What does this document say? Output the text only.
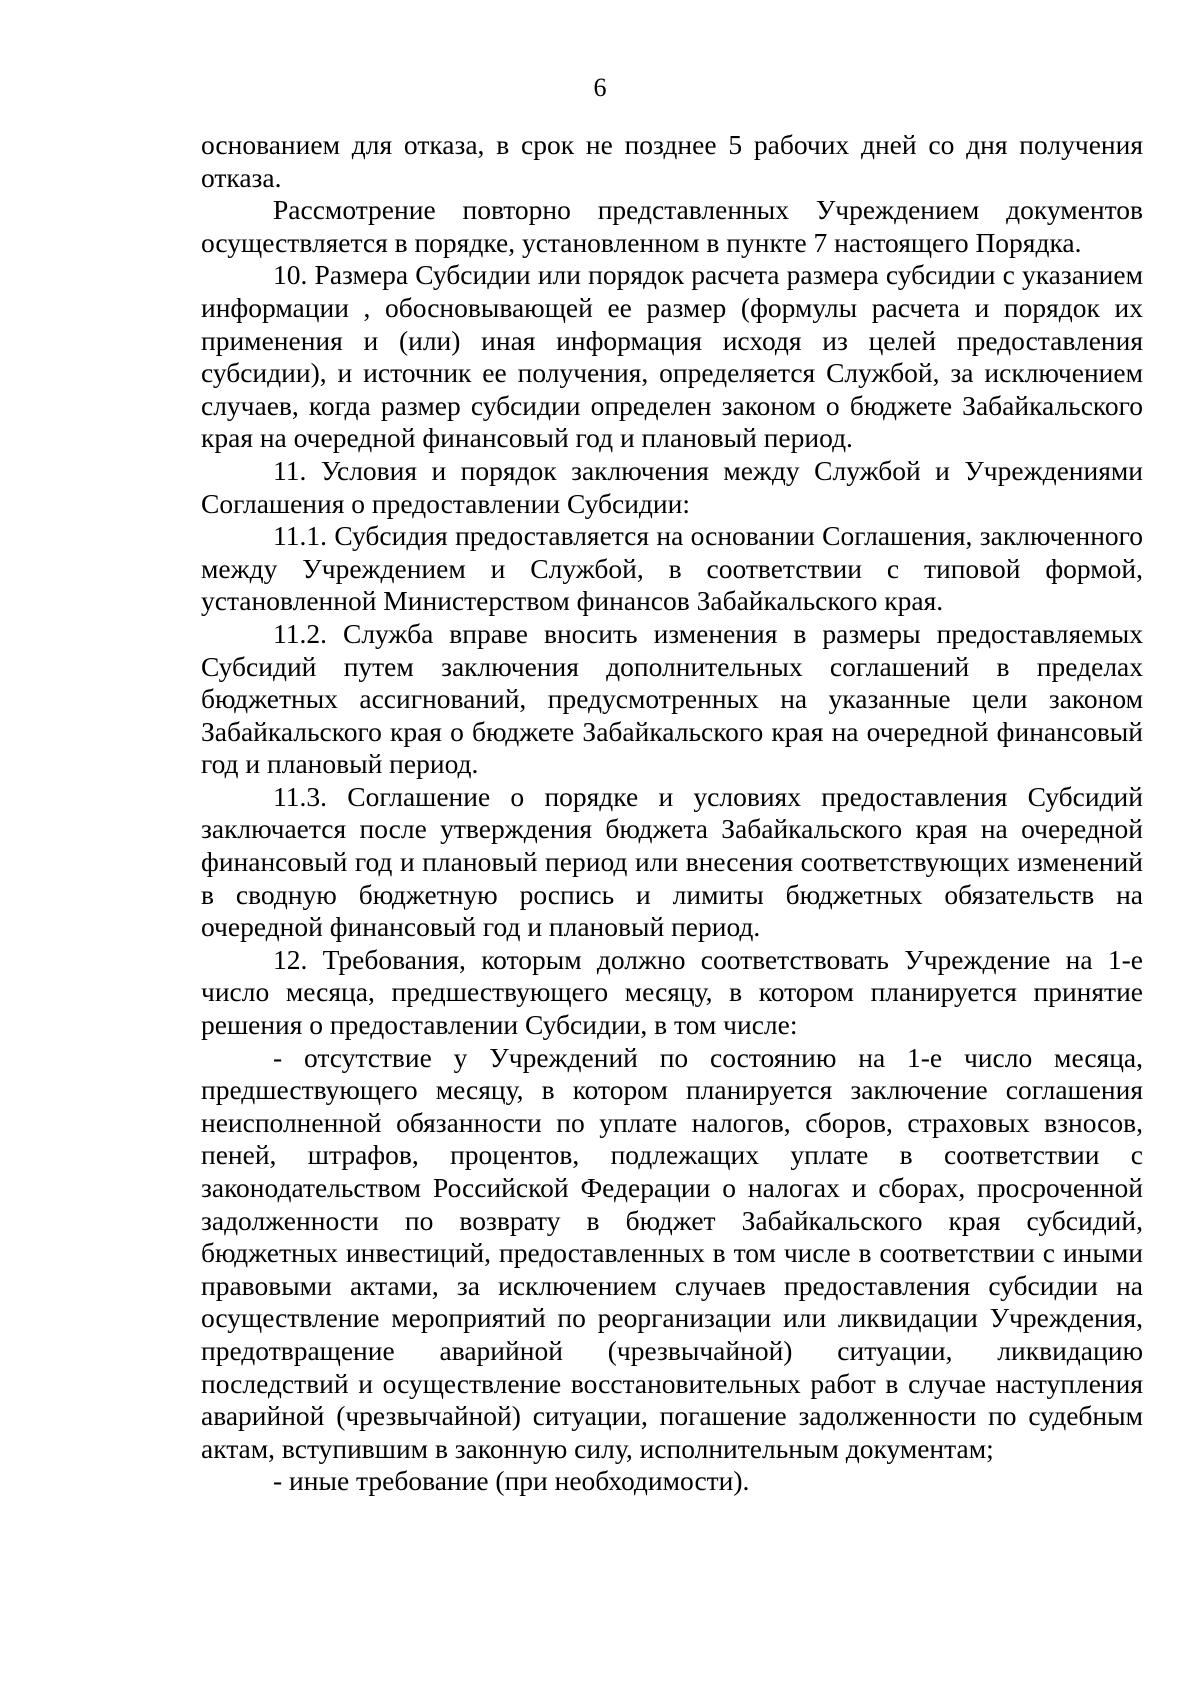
6

основанием для отказа, в срок не позднее 5 рабочих дней со дня получения отказа.

Рассмотрение повторно представленных Учреждением документов осуществляется в порядке, установленном в пункте 7 настоящего Порядка.

10. Размера Субсидии или порядок расчета размера субсидии с указанием информации , обосновывающей ее размер (формулы расчета и порядок их применения и (или) иная информация исходя из целей предоставления субсидии), и источник ее получения, определяется Службой, за исключением случаев, когда размер субсидии определен законом о бюджете Забайкальского края на очередной финансовый год и плановый период.

11. Условия и порядок заключения между Службой и Учреждениями Соглашения о предоставлении Субсидии:

11.1. Субсидия предоставляется на основании Соглашения, заключенного между Учреждением и Службой, в соответствии с типовой формой, установленной Министерством финансов Забайкальского края.

11.2. Служба вправе вносить изменения в размеры предоставляемых Субсидий путем заключения дополнительных соглашений в пределах бюджетных ассигнований, предусмотренных на указанные цели законом Забайкальского края о бюджете Забайкальского края на очередной финансовый год и плановый период.

11.3. Соглашение о порядке и условиях предоставления Субсидий заключается после утверждения бюджета Забайкальского края на очередной финансовый год и плановый период или внесения соответствующих изменений в сводную бюджетную роспись и лимиты бюджетных обязательств на очередной финансовый год и плановый период.

12. Требования, которым должно соответствовать Учреждение на 1-е число месяца, предшествующего месяцу, в котором планируется принятие решения о предоставлении Субсидии, в том числе:

- отсутствие у Учреждений по состоянию на 1-е число месяца, предшествующего месяцу, в котором планируется заключение соглашения неисполненной обязанности по уплате налогов, сборов, страховых взносов, пеней, штрафов, процентов, подлежащих уплате в соответствии с законодательством Российской Федерации о налогах и сборах, просроченной задолженности по возврату в бюджет Забайкальского края субсидий, бюджетных инвестиций, предоставленных в том числе в соответствии с иными правовыми актами, за исключением случаев предоставления субсидии на осуществление мероприятий по реорганизации или ликвидации Учреждения, предотвращение аварийной (чрезвычайной) ситуации, ликвидацию последствий и осуществление восстановительных работ в случае наступления аварийной (чрезвычайной) ситуации, погашение задолженности по судебным актам, вступившим в законную силу, исполнительным документам;

- иные требование (при необходимости).
